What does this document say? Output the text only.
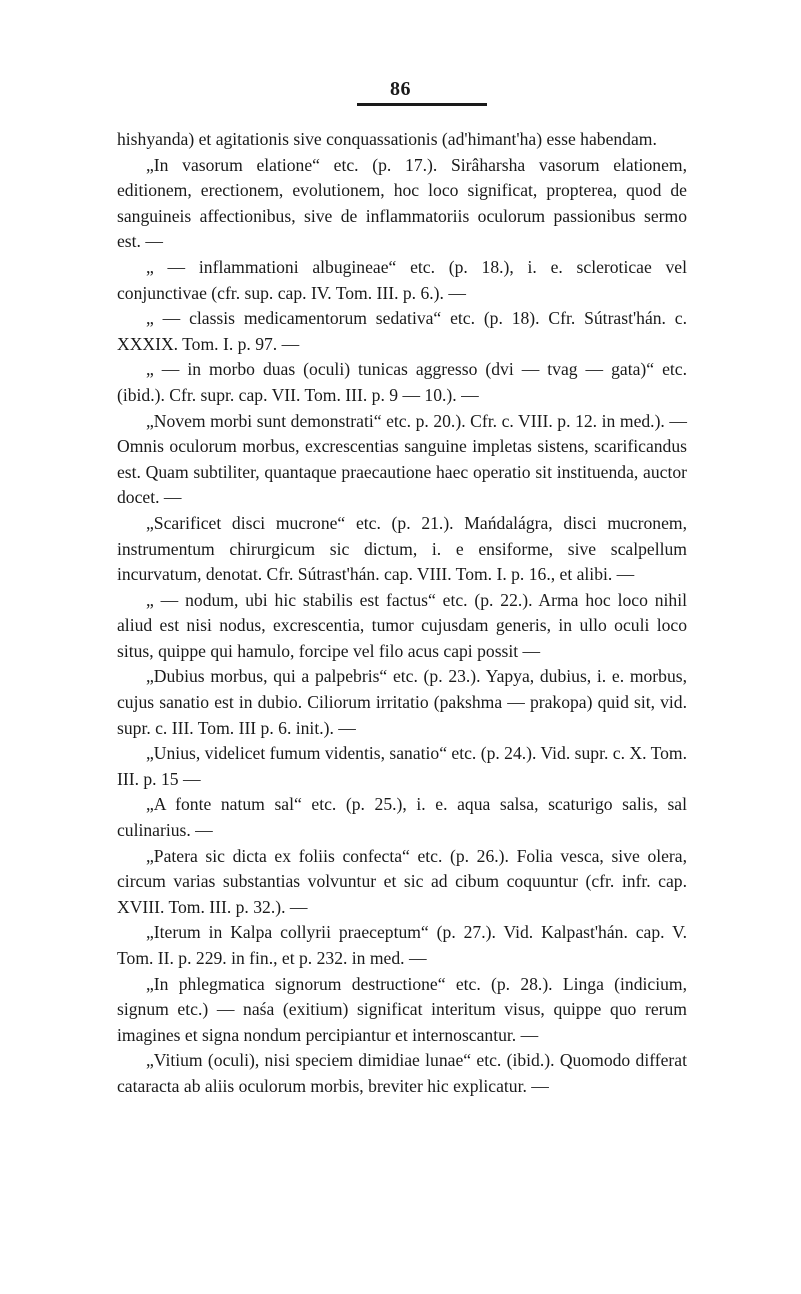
86

hishyanda) et agitationis sive conquassationis (ad'himant'ha) esse habendam.

„In vasorum elatione“ etc. (p. 17.). Sirâharsha vasorum elationem, editionem, erectionem, evolutionem, hoc loco significat, propterea, quod de sanguineis affectionibus, sive de inflammatoriis oculorum passionibus sermo est. —

„ — inflammationi albugineae“ etc. (p. 18.), i. e. scleroticae vel conjunctivae (cfr. sup. cap. IV. Tom. III. p. 6.). —

„ — classis medicamentorum sedativa“ etc. (p. 18). Cfr. Sútrast'hán. c. XXXIX. Tom. I. p. 97. —

„ — in morbo duas (oculi) tunicas aggresso (dvi — tvag — gata)“ etc. (ibid.). Cfr. supr. cap. VII. Tom. III. p. 9 — 10.). —

„Novem morbi sunt demonstrati“ etc. p. 20.). Cfr. c. VIII. p. 12. in med.). — Omnis oculorum morbus, excrescentias sanguine impletas sistens, scarificandus est. Quam subtiliter, quantaque praecautione haec operatio sit instituenda, auctor docet. —

„Scarificet disci mucrone“ etc. (p. 21.). Mańdalágra, disci mucronem, instrumentum chirurgicum sic dictum, i. e ensiforme, sive scalpellum incurvatum, denotat. Cfr. Sútrast'hán. cap. VIII. Tom. I. p. 16., et alibi. —

„ — nodum, ubi hic stabilis est factus“ etc. (p. 22.). Arma hoc loco nihil aliud est nisi nodus, excrescentia, tumor cujusdam generis, in ullo oculi loco situs, quippe qui hamulo, forcipe vel filo acus capi possit —

„Dubius morbus, qui a palpebris“ etc. (p. 23.). Yapya, dubius, i. e. morbus, cujus sanatio est in dubio. Ciliorum irritatio (pakshma — prakopa) quid sit, vid. supr. c. III. Tom. III p. 6. init.). —

„Unius, videlicet fumum videntis, sanatio“ etc. (p. 24.). Vid. supr. c. X. Tom. III. p. 15 —

„A fonte natum sal“ etc. (p. 25.), i. e. aqua salsa, scaturigo salis, sal culinarius. —

„Patera sic dicta ex foliis confecta“ etc. (p. 26.). Folia vesca, sive olera, circum varias substantias volvuntur et sic ad cibum coquuntur (cfr. infr. cap. XVIII. Tom. III. p. 32.). —

„Iterum in Kalpa collyrii praeceptum“ (p. 27.). Vid. Kalpast'hán. cap. V. Tom. II. p. 229. in fin., et p. 232. in med. —

„In phlegmatica signorum destructione“ etc. (p. 28.). Linga (indicium, signum etc.) — naśa (exitium) significat interitum visus, quippe quo rerum imagines et signa nondum percipiantur et internoscantur. —

„Vitium (oculi), nisi speciem dimidiae lunae“ etc. (ibid.). Quomodo differat cataracta ab aliis oculorum morbis, breviter hic explicatur. —
